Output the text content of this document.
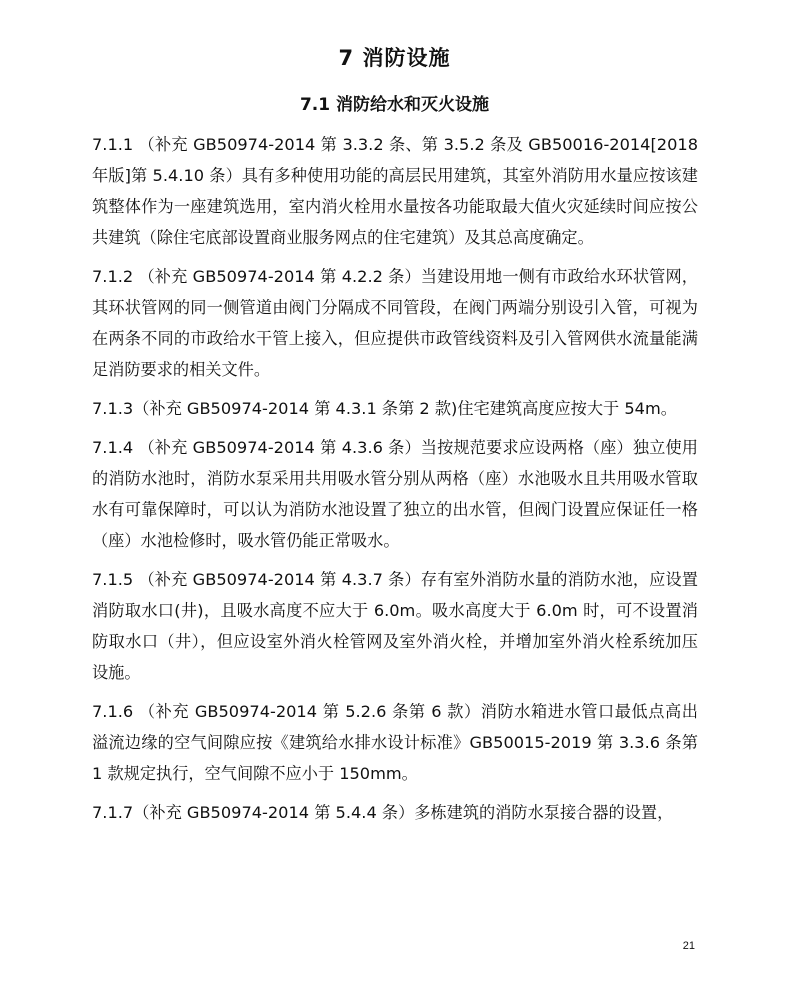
7 消防设施
7.1 消防给水和灭火设施

7.1.1 （补充 GB50974-2014 第 3.3.2 条、第 3.5.2 条及 GB50016-2014[2018 年版]第 5.4.10 条）具有多种使用功能的高层民用建筑，其室外消防用水量应按该建筑整体作为一座建筑选用，室内消火栓用水量按各功能取最大值火灾延续时间应按公共建筑（除住宅底部设置商业服务网点的住宅建筑）及其总高度确定。

7.1.2 （补充 GB50974-2014 第 4.2.2 条）当建设用地一侧有市政给水环状管网，其环状管网的同一侧管道由阀门分隔成不同管段，在阀门两端分别设引入管，可视为在两条不同的市政给水干管上接入，但应提供市政管线资料及引入管网供水流量能满足消防要求的相关文件。

7.1.3（补充 GB50974-2014 第 4.3.1 条第 2 款)住宅建筑高度应按大于 54m。

7.1.4 （补充 GB50974-2014 第 4.3.6 条）当按规范要求应设两格（座）独立使用的消防水池时，消防水泵采用共用吸水管分别从两格（座）水池吸水且共用吸水管取水有可靠保障时，可以认为消防水池设置了独立的出水管，但阀门设置应保证任一格（座）水池检修时，吸水管仍能正常吸水。

7.1.5 （补充 GB50974-2014 第 4.3.7 条）存有室外消防水量的消防水池，应设置消防取水口(井)，且吸水高度不应大于 6.0m。吸水高度大于 6.0m 时，可不设置消防取水口（井），但应设室外消火栓管网及室外消火栓，并增加室外消火栓系统加压设施。

7.1.6 （补充 GB50974-2014 第 5.2.6 条第 6 款）消防水箱进水管口最低点高出溢流边缘的空气间隙应按《建筑给水排水设计标准》GB50015-2019 第 3.3.6 条第 1 款规定执行，空气间隙不应小于 150mm。

7.1.7（补充 GB50974-2014 第 5.4.4 条）多栋建筑的消防水泵接合器的设置，

21
